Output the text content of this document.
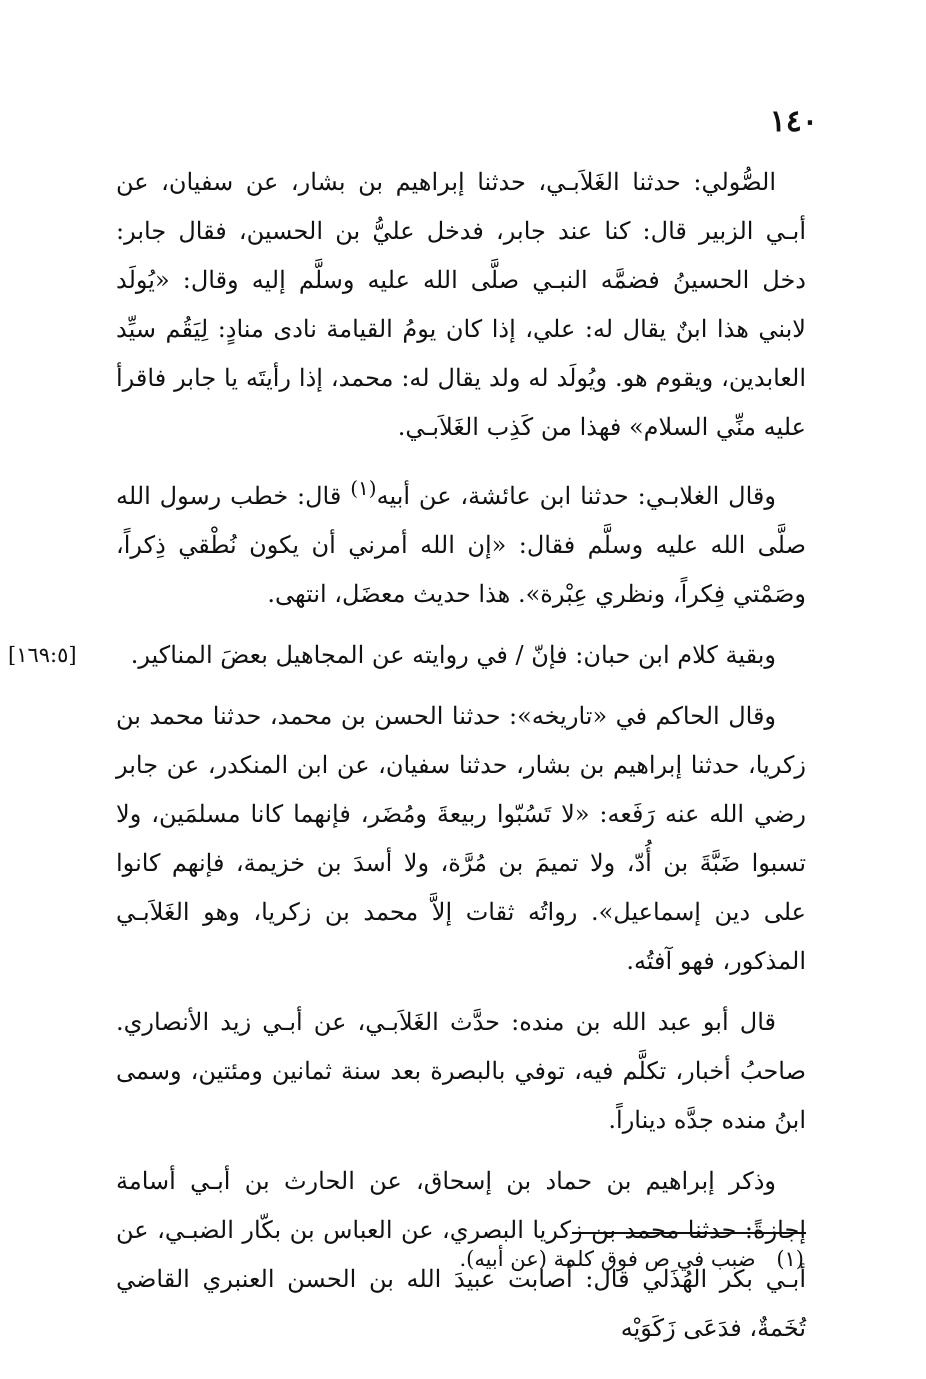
١٤٠

الصُّولي: حدثنا الغَلاَبـي، حدثنا إبراهيم بن بشار، عن سفيان، عن أبـي الزبير قال: كنا عند جابر، فدخل عليُّ بن الحسين، فقال جابر: دخل الحسينُ فضمَّه النبـي صلَّى الله عليه وسلَّم إليه وقال: «يُولَد لابني هذا ابنٌ يقال له: علي، إذا كان يومُ القيامة نادى منادٍ: لِيَقُم سيِّد العابدين، ويقوم هو. ويُولَد له ولد يقال له: محمد، إذا رأيتَه يا جابر فاقرأ عليه منِّي السلام» فهذا من كَذِب الغَلاَبـي.

وقال الغلابـي: حدثنا ابن عائشة، عن أبيه$^{(١)}$ قال: خطب رسول الله صلَّى الله عليه وسلَّم فقال: «إن الله أمرني أن يكون نُطْقي ذِكراً، وصَمْتي فِكراً، ونظري عِبْرة». هذا حديث معضَل، انتهى.

وبقية كلام ابن حبان: فإنّ / في روايته عن المجاهيل بعضَ المناكير.

[١٦٩:٥]

وقال الحاكم في «تاريخه»: حدثنا الحسن بن محمد، حدثنا محمد بن زكريا، حدثنا إبراهيم بن بشار، حدثنا سفيان، عن ابن المنكدر، عن جابر رضي الله عنه رَفَعه: «لا تَسُبّوا ربيعةَ ومُضَر، فإنهما كانا مسلمَين، ولا تسبوا ضَبَّةَ بن أُدّ، ولا تميمَ بن مُرَّة، ولا أسدَ بن خزيمة، فإنهم كانوا على دين إسماعيل». رواتُه ثقات إلاَّ محمد بن زكريا، وهو الغَلاَبـي المذكور، فهو آفتُه.

قال أبو عبد الله بن منده: حدَّث الغَلاَبـي، عن أبـي زيد الأنصاري. صاحبُ أخبار، تكلَّم فيه، توفي بالبصرة بعد سنة ثمانين ومئتين، وسمى ابنُ منده جدَّه ديناراً.

وذكر إبراهيم بن حماد بن إسحاق، عن الحارث بن أبـي أسامة إجازةً: حدثنا محمد بن زكريا البصري، عن العباس بن بكّار الضبـي، عن أبـي بكر الهُذَلي قال: أصابت عبيدَ الله بن الحسن العنبري القاضي تُخَمةٌ، فدَعَى زَكَوَيْه

(١) ضبب في ص فوق كلمة (عن أبيه).
